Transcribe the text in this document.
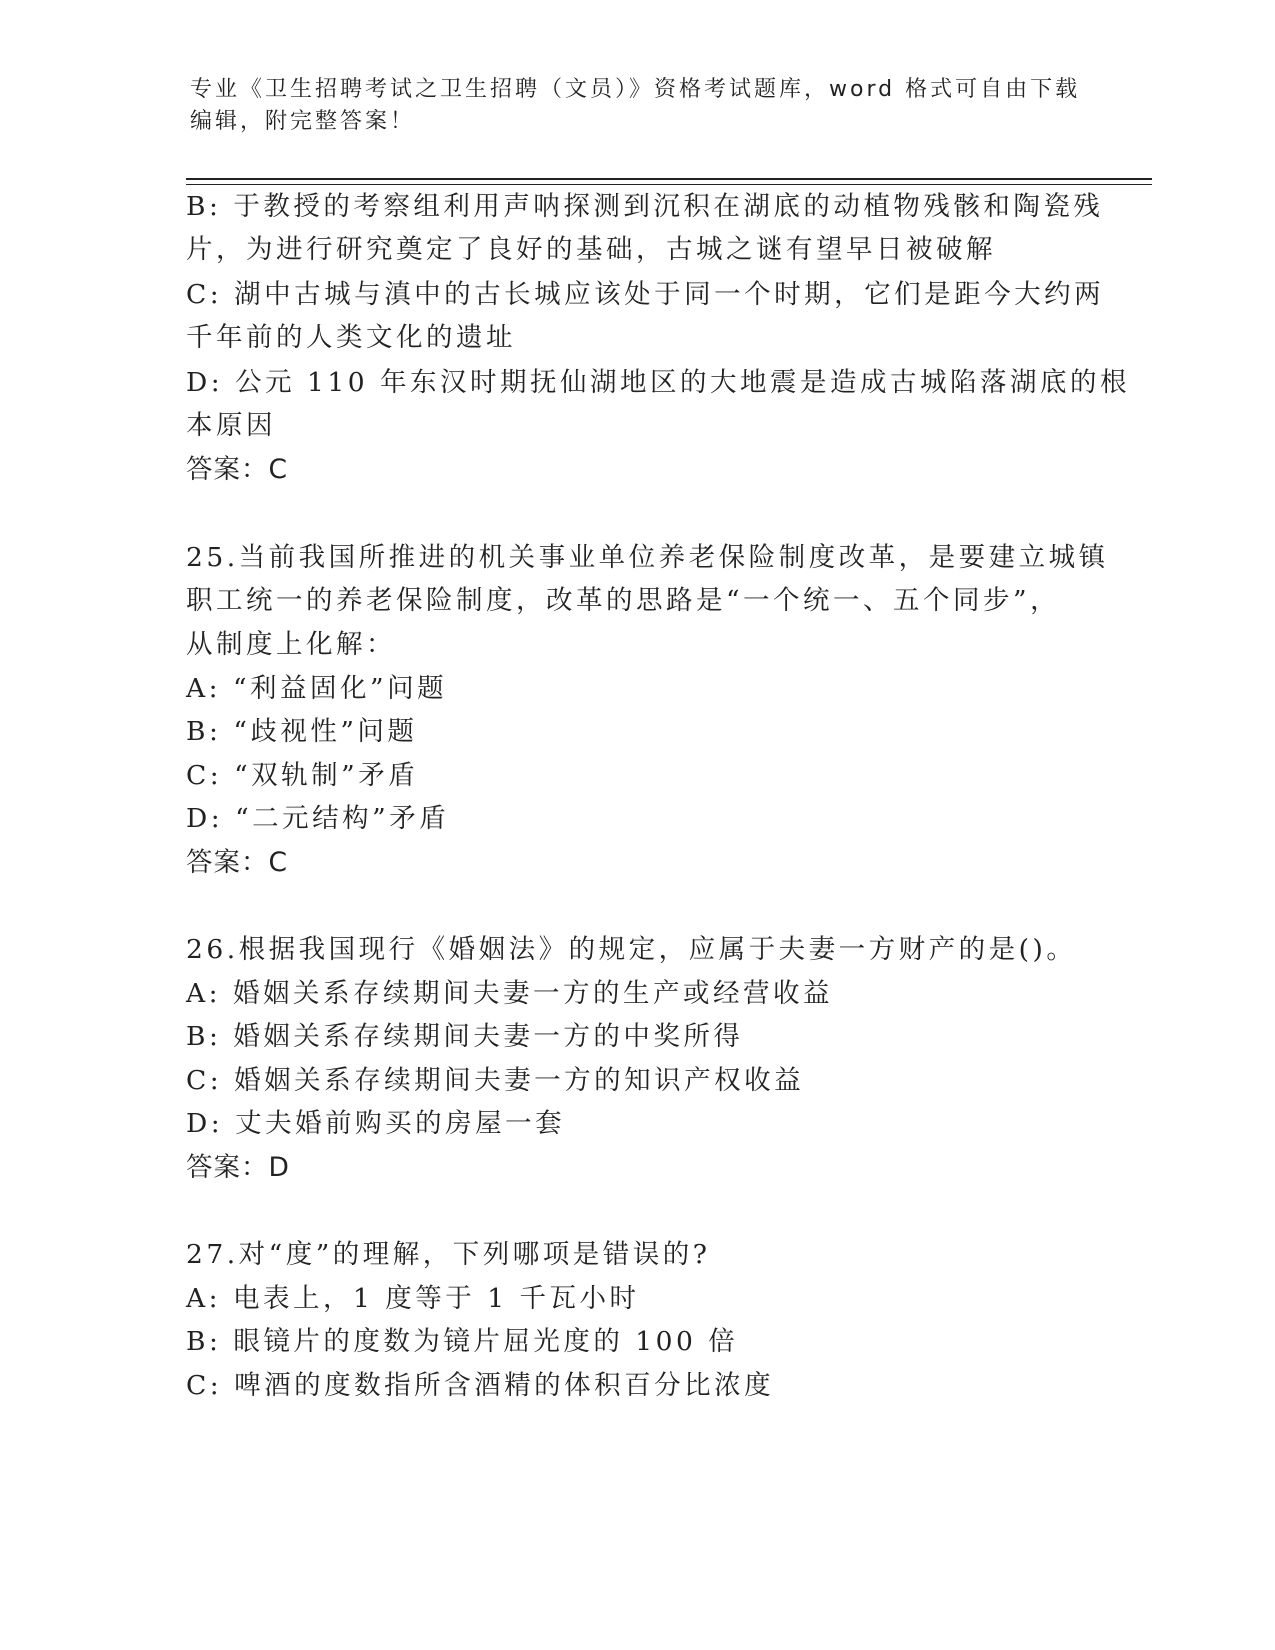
专业《卫生招聘考试之卫生招聘（文员）》资格考试题库，word 格式可自由下载
编辑，附完整答案！
B: 于教授的考察组利用声呐探测到沉积在湖底的动植物残骸和陶瓷残
片，为进行研究奠定了良好的基础，古城之谜有望早日被破解
C: 湖中古城与滇中的古长城应该处于同一个时期，它们是距今大约两
千年前的人类文化的遗址
D: 公元 110 年东汉时期抚仙湖地区的大地震是造成古城陷落湖底的根
本原因
答案：C
25.当前我国所推进的机关事业单位养老保险制度改革，是要建立城镇
职工统一的养老保险制度，改革的思路是“一个统一、五个同步”，
从制度上化解：
A: “利益固化”问题
B: “歧视性”问题
C: “双轨制”矛盾
D: “二元结构”矛盾
答案：C
26.根据我国现行《婚姻法》的规定，应属于夫妻一方财产的是()。
A: 婚姻关系存续期间夫妻一方的生产或经营收益
B: 婚姻关系存续期间夫妻一方的中奖所得
C: 婚姻关系存续期间夫妻一方的知识产权收益
D: 丈夫婚前购买的房屋一套
答案：D
27.对“度”的理解，下列哪项是错误的?
A: 电表上，1 度等于 1 千瓦小时
B: 眼镜片的度数为镜片屈光度的 100 倍
C: 啤酒的度数指所含酒精的体积百分比浓度
